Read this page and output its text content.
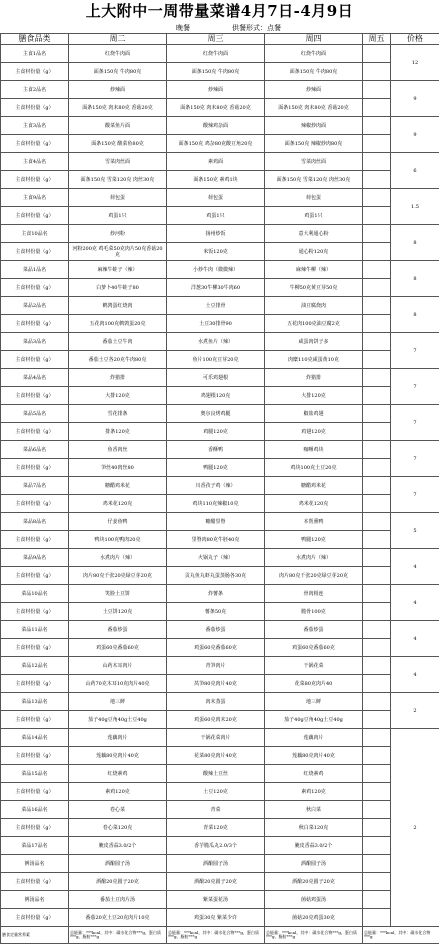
上大附中一周带量菜谱4月7日-4月9日
晚餐	供餐形式：点餐
膳食品类	周二	周三	周四	周五	价格
主食1品名	红烧牛肉面	红烧牛肉面	红烧牛肉面		12
主食材份量（g）	面条150克 牛肉80克	面条150克 牛肉80克	面条150克 牛肉80克		
主食2品名	炒辣面	炒辣面	炒辣面		9
主食材份量（g）	面条150克 肉末80克 香菇20克	面条150克 肉末80克 香菇20克	面条150克 肉末80克 香菇20克		
主食3品名	酸菜鱼片面	酸辣鸡杂面	辣椒炒肉面		9
主食材份量（g）	面条150克 酸菜鱼80克	面条150克 鸡杂80克酸豆角20克	面条150克 辣椒炒肉80克		
主食4品名	雪菜肉丝面	素鸡面	雪菜肉丝面		6
主食材份量（g）	面条150克 雪菜120克 肉丝30克	面条150克 素鸡1块	面条150克 雪菜120克 肉丝30克		
主食9品名	荷包蛋	荷包蛋	荷包蛋		1.5
主食材份量（g）	鸡蛋1只	鸡蛋1只	鸡蛋1只		
主食10品名	炒河粉	扬州炒饭	意大利通心粉		8
主食材份量（g）	河粉200克 鸡毛菜50克肉片50克香菇20克	米饭120克	通心粉120克		
菜品1品名	麻辣牛蛙子（辣）	小炒牛肉（微微辣）	麻辣牛柳（辣）		8
主食材份量（g）	白萝卜40牛蛙子80	洋葱30牛柳30牛肉60	牛柳50克黄豆芽50克		
菜品2品名	鹌鹑蛋红烧肉	土豆排骨	油豆腐烧肉		8
主食材份量（g）	五花肉100克鹌鹑蛋20克	土豆30排骨90	五花肉100克油豆腐2克		
菜品3品名	番茄土豆牛肉	水煮鱼片（辣）	咸蛋肉饼子多		7
主食材份量（g）	番茄土豆各20克牛肉80克	鱼片100克豆芽20克	肉糜110克咸蛋黄10克		
菜品4品名	炸猪排	可乐鸡翅根	炸猪排		7
主食材份量（g）	大排120克	鸡翅根120克	大排120克		
菜品5品名	雪花排条	奥尔良烤鸡腿	椒盐鸡翅		7
主食材份量（g）	排条120克	鸡腿120克	鸡翅120克		
菜品6品名	鱼香肉丝	香酥鸭	咖喱鸡块		7
主食材份量（g）	笋丝40肉丝80	鸭腿120克	鸡块100克土豆20克		
菜品7品名	糖醋鸡米花	川香孜子鸡（辣）	糖醋鸡米花		7
主食材份量（g）	鸡米花120克	鸡块110克辣椒10克	鸡米花120克		
菜品8品名	仔姜鱼鸭	糖醋里脊	本帮熏鸭		5
主食材份量（g）	鸭块100克鸭肉20克	里脊肉80克牛胚40克	鸭腿120克		
菜品9品名	水煮肉片（辣）	火锅丸子（辣）	水煮肉片（辣）		4
主食材份量（g）	肉片80克千张20克绿豆芽20克	贡丸鱼丸虾丸蛋蒸肠各30克	肉片80克千张20克绿豆芽20克		
菜品10品名	笑脸土豆饼	炸薯条	骨肉相连		4
主食材份量（g）	土豆饼120克	薯条50克	脆骨100克		
菜品11品名	番茄炒蛋	番茄炒蛋	番茄炒蛋		4
主食材份量（g）	鸡蛋60克番茄60克	鸡蛋60克番茄60克	鸡蛋60克番茄60克		
菜品12品名	山药木耳肉片	青笋肉片	干锅花菜		4
主食材份量（g）	山药70克木耳10克肉片40克	莴笋80克肉片40克	花菜80克肉片40		
菜品13品名	地三鲜	肉末蒸蛋	地三鲜		2
主食材份量（g）	茄子40g豆角40g土豆40g	鸡蛋60克肉末20克	茄子40g豆角40g土豆40g		
菜品14品名	莲藕肉片	干锅花菜肉片	莲藕肉片		2
主食材份量（g）	莲藕80克肉片40克	花菜80克肉片40克	莲藕80克肉片40克		
菜品15品名	红烧素鸡	酸辣土豆丝	红烧素鸡		
主食材份量（g）	素鸡120克	土豆120克	素鸡120克		
菜品16品名	卷心菜	青菜	秋白菜		
主食材份量（g）	卷心菜120克	青菜120克	秋白菜120克		
菜品17品名	腌皮香蒜3.0/2个	香芋脆瓜丸2.0/3个	腌皮香蒜3.0/2个		
例汤品名	酒酿圆子汤	酒酿圆子汤	酒酿圆子汤		
主食材份量（g）	酒酿20克圆子20克	酒酿20克圆子20克	酒酿20克圆子20克		
例汤品名	番茄土豆肉片汤	紫菜蛋花汤	菌菇鸡蛋汤		
主食材份量（g）	番茄20克土豆20克肉片10克	鸡蛋30克 紫菜少许	菌菇20克鸡蛋30克		
膳食定量营养素	总能量：***kcal，其中：碳水化合物***g，蛋白质***g，脂肪***g	总能量：***kcal，其中：碳水化合物***g，蛋白质***g，脂肪***g	总能量：***kcal，其中：碳水化合物***g，蛋白质***g，脂肪***g	总能量：***kcal，其中：碳水化合物***g	
